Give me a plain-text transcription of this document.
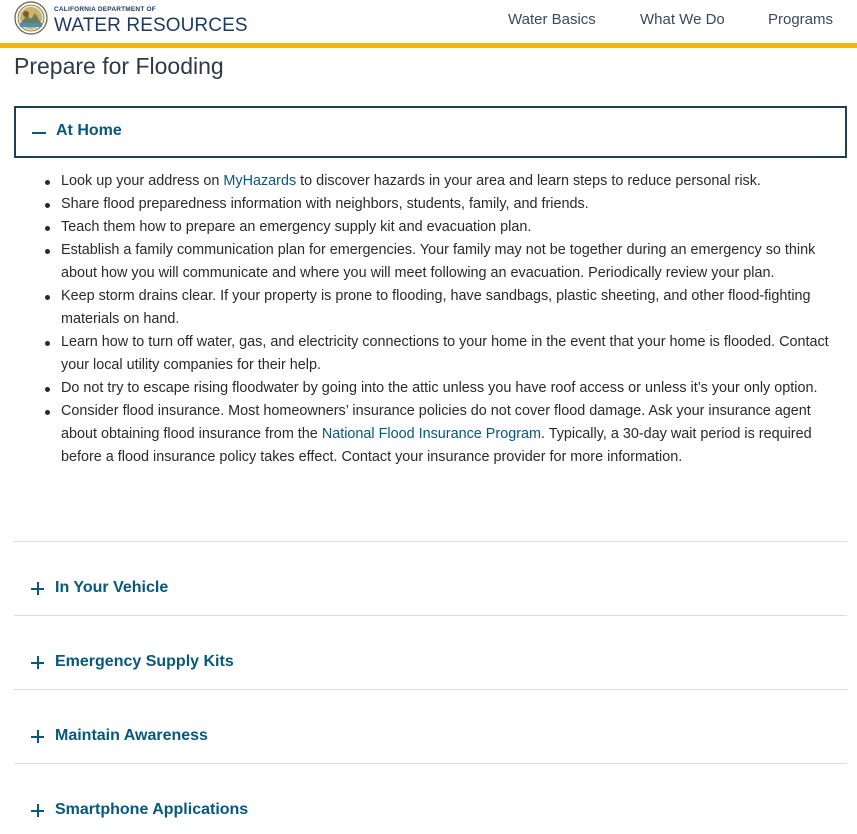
CALIFORNIA DEPARTMENT OF
WATER RESOURCES	Water Basics	What We Do	Programs
Prepare for Flooding
At Home
Look up your address on MyHazards to discover hazards in your area and learn steps to reduce personal risk.
Share flood preparedness information with neighbors, students, family, and friends.
Teach them how to prepare an emergency supply kit and evacuation plan.
Establish a family communication plan for emergencies. Your family may not be together during an emergency so think about how you will communicate and where you will meet following an evacuation. Periodically review your plan.
Keep storm drains clear. If your property is prone to flooding, have sandbags, plastic sheeting, and other flood-fighting materials on hand.
Learn how to turn off water, gas, and electricity connections to your home in the event that your home is flooded. Contact your local utility companies for their help.
Do not try to escape rising floodwater by going into the attic unless you have roof access or unless it’s your only option.
Consider flood insurance. Most homeowners’ insurance policies do not cover flood damage. Ask your insurance agent about obtaining flood insurance from the National Flood Insurance Program. Typically, a 30-day wait period is required before a flood insurance policy takes effect. Contact your insurance provider for more information.
In Your Vehicle
Emergency Supply Kits
Maintain Awareness
Smartphone Applications
